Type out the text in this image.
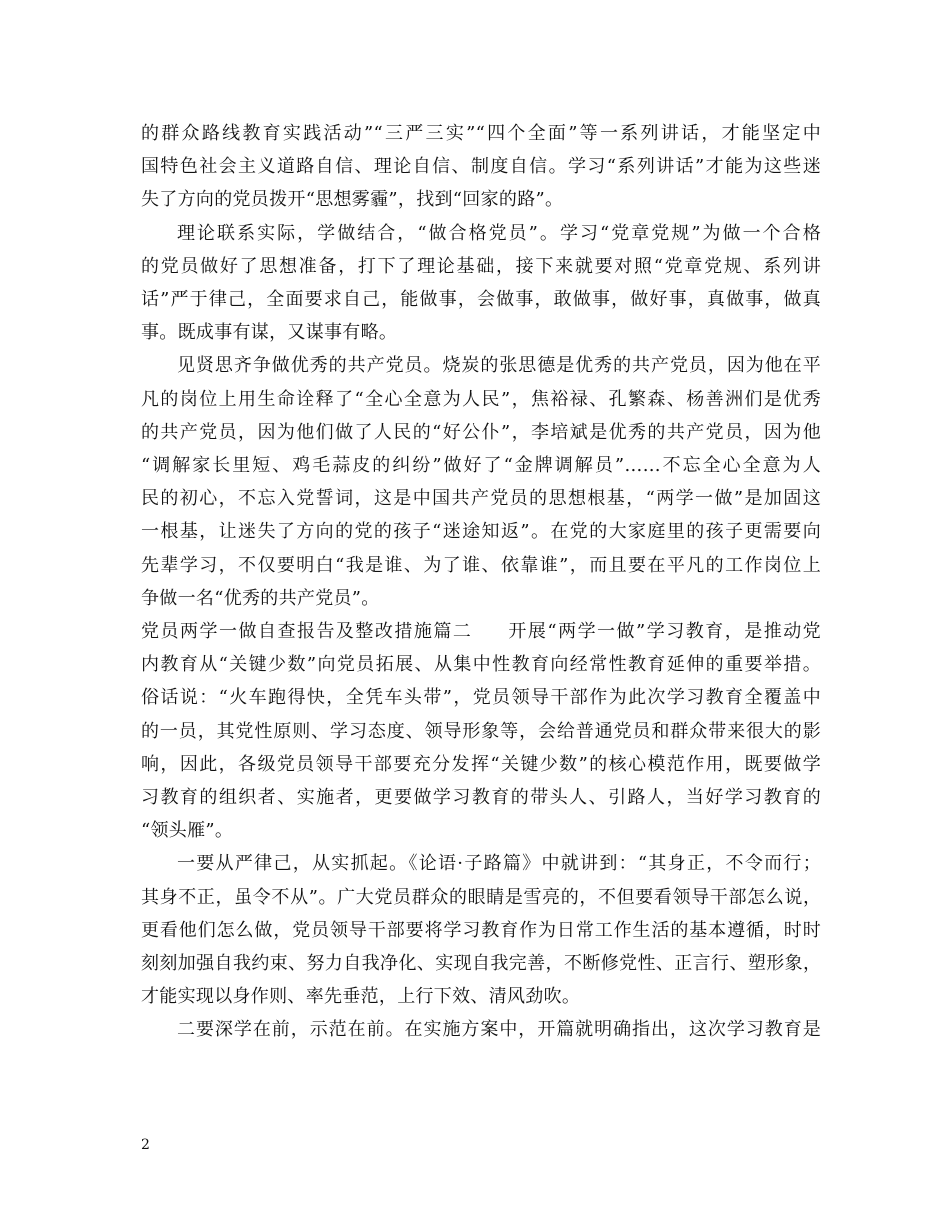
的群众路线教育实践活动”“三严三实”“四个全面”等一系列讲话，才能坚定中
国特色社会主义道路自信、理论自信、制度自信。学习“系列讲话”才能为这些迷
失了方向的党员拨开“思想雾霾”，找到“回家的路”。
理论联系实际，学做结合，“做合格党员”。学习“党章党规”为做一个合格
的党员做好了思想准备，打下了理论基础，接下来就要对照“党章党规、系列讲
话”严于律己，全面要求自己，能做事，会做事，敢做事，做好事，真做事，做真
事。既成事有谋，又谋事有略。
见贤思齐争做优秀的共产党员。烧炭的张思德是优秀的共产党员，因为他在平
凡的岗位上用生命诠释了“全心全意为人民”，焦裕禄、孔繁森、杨善洲们是优秀
的共产党员，因为他们做了人民的“好公仆”，李培斌是优秀的共产党员，因为他
“调解家长里短、鸡毛蒜皮的纠纷”做好了“金牌调解员”……不忘全心全意为人
民的初心，不忘入党誓词，这是中国共产党员的思想根基，“两学一做”是加固这
一根基，让迷失了方向的党的孩子“迷途知返”。在党的大家庭里的孩子更需要向
先辈学习，不仅要明白“我是谁、为了谁、依靠谁”，而且要在平凡的工作岗位上
争做一名“优秀的共产党员”。
党员两学一做自查报告及整改措施篇二 开展“两学一做”学习教育，是推动党
内教育从“关键少数”向党员拓展、从集中性教育向经常性教育延伸的重要举措。
俗话说：“火车跑得快，全凭车头带”，党员领导干部作为此次学习教育全覆盖中
的一员，其党性原则、学习态度、领导形象等，会给普通党员和群众带来很大的影
响，因此，各级党员领导干部要充分发挥“关键少数”的核心模范作用，既要做学
习教育的组织者、实施者，更要做学习教育的带头人、引路人，当好学习教育的
“领头雁”。
一要从严律己，从实抓起。《论语·子路篇》中就讲到：“其身正，不令而行；
其身不正，虽令不从”。广大党员群众的眼睛是雪亮的，不但要看领导干部怎么说，
更看他们怎么做，党员领导干部要将学习教育作为日常工作生活的基本遵循，时时
刻刻加强自我约束、努力自我净化、实现自我完善，不断修党性、正言行、塑形象，
才能实现以身作则、率先垂范，上行下效、清风劲吹。
二要深学在前，示范在前。在实施方案中，开篇就明确指出，这次学习教育是
2
